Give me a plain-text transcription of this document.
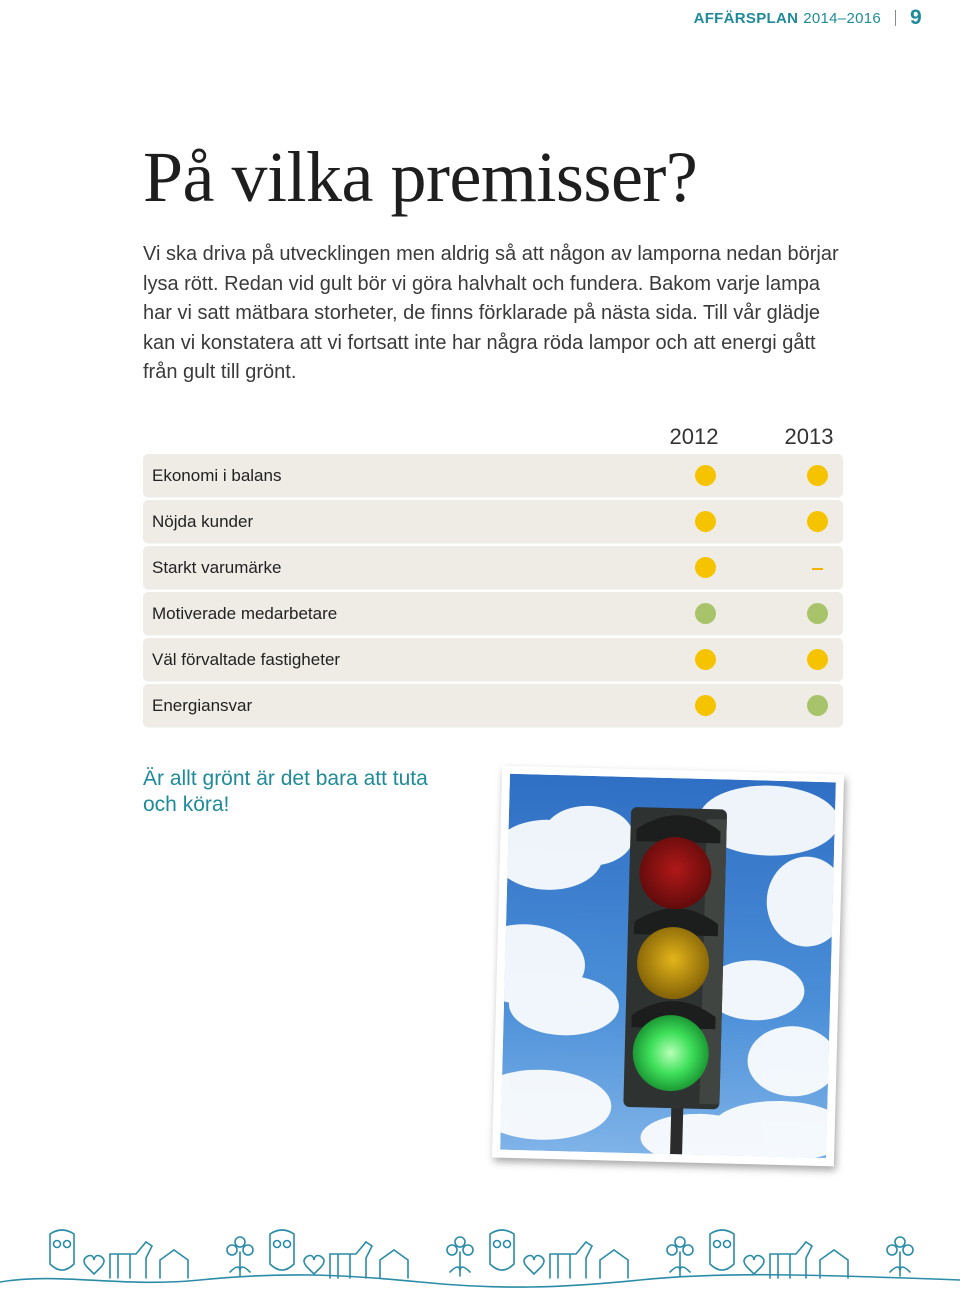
AFFÄRSPLAN 2014–2016 9
På vilka premisser?

Vi ska driva på utvecklingen men aldrig så att någon av lamporna nedan börjar lysa rött. Redan vid gult bör vi göra halvhalt och fundera. Bakom varje lampa har vi satt mätbara storheter, de finns förklarade på nästa sida. Till vår glädje kan vi konstatera att vi fortsatt inte har några röda lampor och att energi gått från gult till grönt.

2012	2013
Ekonomi i balans
Nöjda kunder
Starkt varumärke
Motiverade medarbetare
Väl förvaltade fastigheter
Energiansvar

Är allt grönt är det bara att tuta och köra!
